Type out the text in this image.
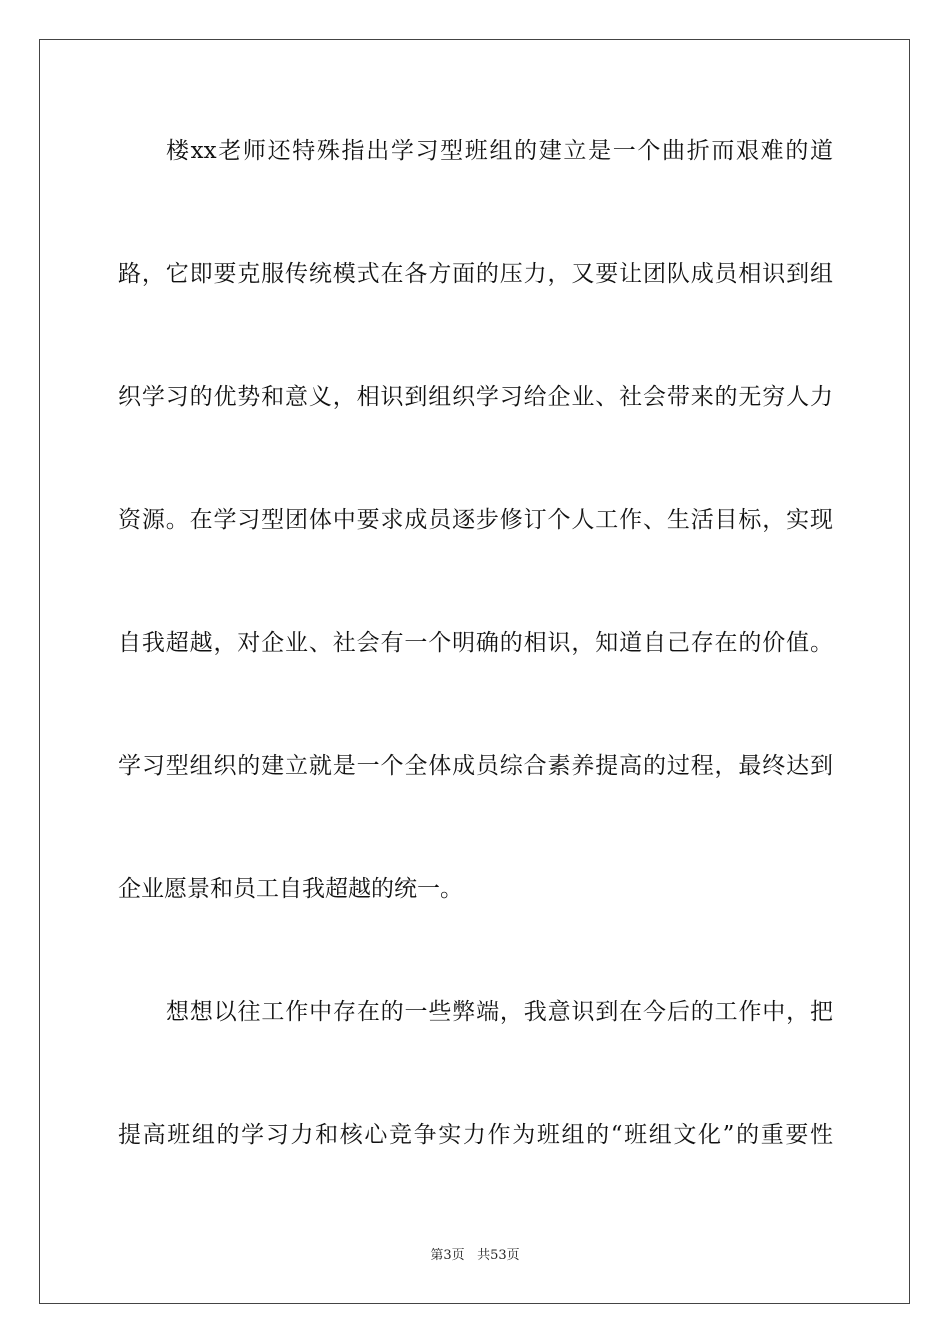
楼xx老师还特殊指出学习型班组的建立是一个曲折而艰难的道
路，它即要克服传统模式在各方面的压力，又要让团队成员相识到组
织学习的优势和意义，相识到组织学习给企业、社会带来的无穷人力
资源。在学习型团体中要求成员逐步修订个人工作、生活目标，实现
自我超越，对企业、社会有一个明确的相识，知道自己存在的价值。
学习型组织的建立就是一个全体成员综合素养提高的过程，最终达到
企业愿景和员工自我超越的统一。
想想以往工作中存在的一些弊端，我意识到在今后的工作中，把
提高班组的学习力和核心竞争实力作为班组的“班组文化”的重要性
第3页 共53页
